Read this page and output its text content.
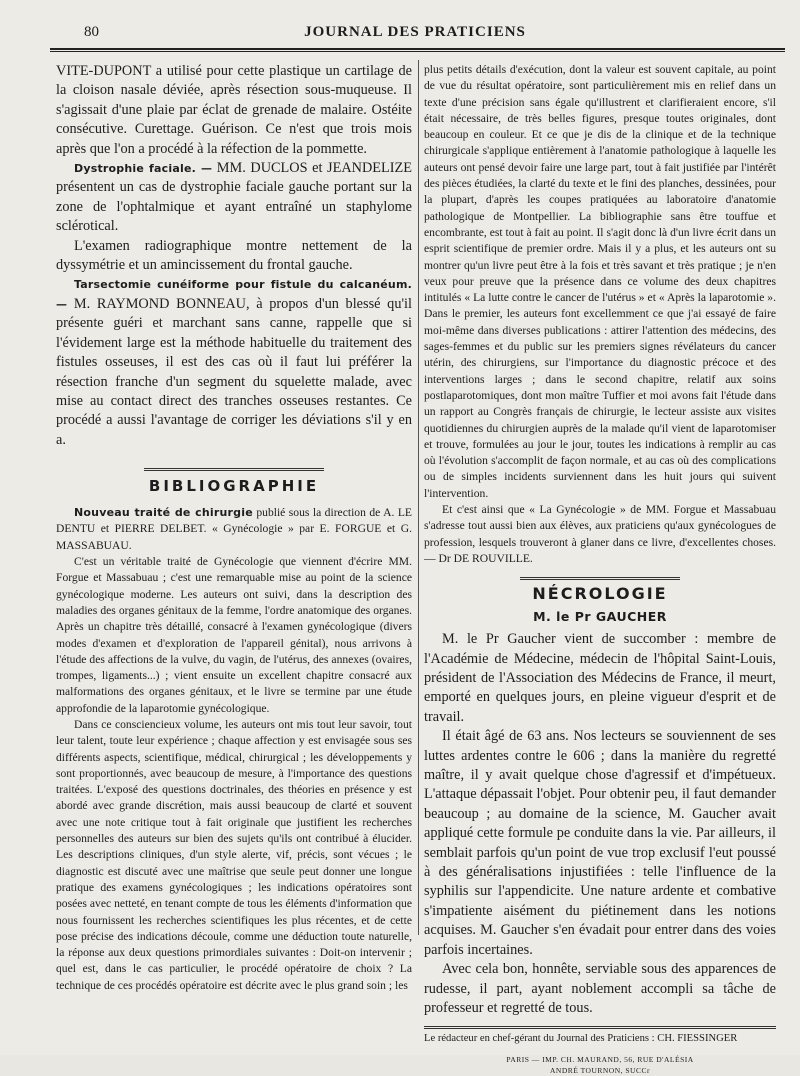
80	JOURNAL DES PRATICIENS

VITE-DUPONT a utilisé pour cette plastique un cartilage de la cloison nasale déviée, après résection sous-muqueuse. Il s'agissait d'une plaie par éclat de grenade de malaire. Ostéite consécutive. Curettage. Guérison. Ce n'est que trois mois après que l'on a procédé à la réfection de la pommette.

Dystrophie faciale. — MM. DUCLOS et JEANDELIZE présentent un cas de dystrophie faciale gauche portant sur la zone de l'ophtalmique et ayant entraîné un staphylome sclérotical.

L'examen radiographique montre nettement de la dyssymétrie et un amincissement du frontal gauche.

Tarsectomie cunéiforme pour fistule du calcanéum. — M. RAYMOND BONNEAU, à propos d'un blessé qu'il présente guéri et marchant sans canne, rappelle que si l'évidement large est la méthode habituelle du traitement des fistules osseuses, il est des cas où il faut lui préférer la résection franche d'un segment du squelette malade, avec mise au contact direct des tranches osseuses restantes. Ce procédé a aussi l'avantage de corriger les déviations s'il y en a.

BIBLIOGRAPHIE

Nouveau traité de chirurgie publié sous la direction de A. LE DENTU et PIERRE DELBET. « Gynécologie » par E. FORGUE et G. MASSABUAU.

C'est un véritable traité de Gynécologie que viennent d'écrire MM. Forgue et Massabuau ; c'est une remarquable mise au point de la science gynécologique moderne. Les auteurs ont suivi, dans la description des maladies des organes génitaux de la femme, l'ordre anatomique des organes. Après un chapitre très détaillé, consacré à l'examen gynécologique (divers modes d'examen et d'exploration de l'appareil génital), nous arrivons à l'étude des affections de la vulve, du vagin, de l'utérus, des annexes (ovaires, trompes, ligaments...) ; vient ensuite un excellent chapitre consacré aux malformations des organes génitaux, et le livre se termine par une étude approfondie de la laparotomie gynécologique.

Dans ce consciencieux volume, les auteurs ont mis tout leur savoir, tout leur talent, toute leur expérience ; chaque affection y est envisagée sous ses différents aspects, scientifique, médical, chirurgical ; les développements y sont proportionnés, avec beaucoup de mesure, à l'importance des questions traitées. L'exposé des questions doctrinales, des théories en présence y est abordé avec grande discrétion, mais aussi beaucoup de clarté et souvent avec une note critique tout à fait originale que justifient les recherches personnelles des auteurs sur bien des sujets qu'ils ont contribué à élucider. Les descriptions cliniques, d'un style alerte, vif, précis, sont vécues ; le diagnostic est discuté avec une maîtrise que seule peut donner une longue pratique des examens gynécologiques ; les indications opératoires sont posées avec netteté, en tenant compte de tous les éléments d'information que nous fournissent les recherches scientifiques les plus récentes, et de cette pose précise des indications découle, comme une déduction toute naturelle, la réponse aux deux questions primordiales suivantes : Doit-on intervenir ; quel est, dans le cas particulier, le procédé opératoire de choix ? La technique de ces procédés opératoire est décrite avec le plus grand soin ; les

plus petits détails d'exécution, dont la valeur est souvent capitale, au point de vue du résultat opératoire, sont particulièrement mis en relief dans un texte d'une précision sans égale qu'illustrent et clarifieraient encore, s'il était nécessaire, de très belles figures, presque toutes originales, dont beaucoup en couleur. Et ce que je dis de la clinique et de la technique chirurgicale s'applique entièrement à l'anatomie pathologique à laquelle les auteurs ont pensé devoir faire une large part, tout à fait justifiée par l'intérêt des pièces étudiées, la clarté du texte et le fini des planches, dessinées, pour la plupart, d'après les coupes pratiquées au laboratoire d'anatomie pathologique de Montpellier. La bibliographie sans être touffue et encombrante, est tout à fait au point. Il s'agit donc là d'un livre écrit dans un esprit scientifique de premier ordre. Mais il y a plus, et les auteurs ont su montrer qu'un livre peut être à la fois et très savant et très pratique ; je n'en veux pour preuve que la présence dans ce volume des deux chapitres intitulés « La lutte contre le cancer de l'utérus » et « Après la laparotomie ». Dans le premier, les auteurs font excellemment ce que j'ai essayé de faire moi-même dans diverses publications : attirer l'attention des médecins, des sages-femmes et du public sur les premiers signes révélateurs du cancer utérin, des chirurgiens, sur l'importance du diagnostic précoce et des interventions larges ; dans le second chapitre, relatif aux soins postlaparotomiques, dont mon maître Tuffier et moi avons fait l'étude dans un rapport au Congrès français de chirurgie, le lecteur assiste aux visites quotidiennes du chirurgien auprès de la malade qu'il vient de laparotomiser et trouve, formulées au jour le jour, toutes les indications à remplir au cas où l'évolution s'accomplit de façon normale, et au cas où des complications ou de simples incidents surviennent dans les huit jours qui suivent l'intervention.

Et c'est ainsi que « La Gynécologie » de MM. Forgue et Massabuau s'adresse tout aussi bien aux élèves, aux praticiens qu'aux gynécologues de profession, lesquels trouveront à glaner dans ce livre, d'excellentes choses. — Dr DE ROUVILLE.

NÉCROLOGIE
M. le Pr GAUCHER

M. le Pr Gaucher vient de succomber : membre de l'Académie de Médecine, médecin de l'hôpital Saint-Louis, président de l'Association des Médecins de France, il meurt, emporté en quelques jours, en pleine vigueur d'esprit et de travail.

Il était âgé de 63 ans. Nos lecteurs se souviennent de ses luttes ardentes contre le 606 ; dans la manière du regretté maître, il y avait quelque chose d'agressif et d'impétueux. L'attaque dépassait l'objet. Pour obtenir peu, il faut demander beaucoup ; au domaine de la science, M. Gaucher avait appliqué cette formule pe conduite dans la vie. Par ailleurs, il semblait parfois qu'un point de vue trop exclusif l'eut poussé à des généralisations injustifiées : telle l'influence de la syphilis sur l'appendicite. Une nature ardente et combative s'impatiente aisément du piétinement dans les notions acquises. M. Gaucher s'en évadait pour entrer dans des voies parfois incertaines.

Avec cela bon, honnête, serviable sous des apparences de rudesse, il part, ayant noblement accompli sa tâche de professeur et regretté de tous.

Le rédacteur en chef-gérant du Journal des Praticiens : CH. FIESSINGER

PARIS — IMP. CH. MAURAND, 56, RUE D'ALÉSIA

ANDRÉ TOURNON, SUCCr
